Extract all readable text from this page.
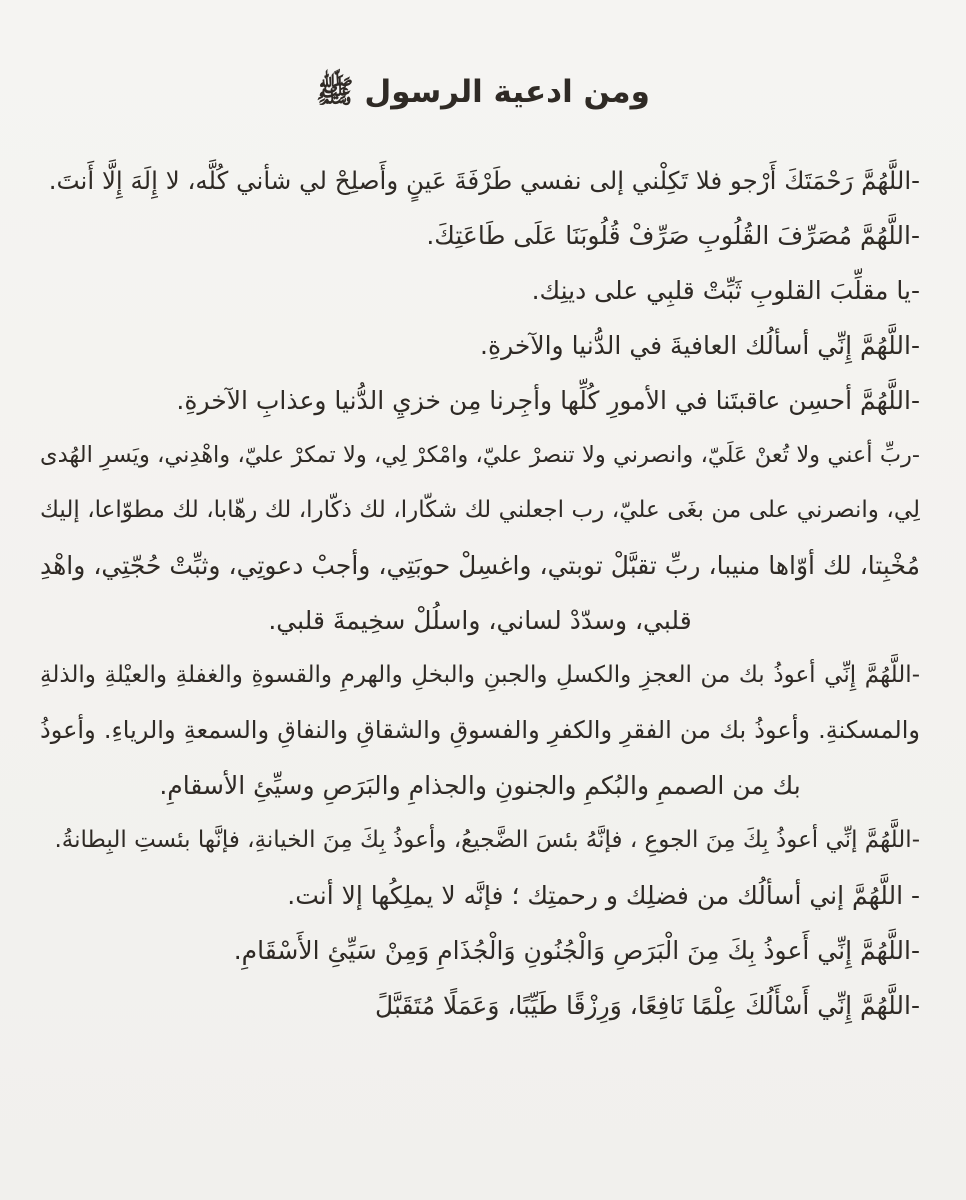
ومن ادعية الرسول ﷺ
-اللَّهُمَّ رَحْمَتَكَ أَرْجو فلا تَكِلْني إلى نفسي طَرْفَةَ عَينٍ وأَصلِحْ لي شأني كُلَّه، لا إِلَهَ إِلَّا أَنتَ.
-اللَّهُمَّ مُصَرِّفَ القُلُوبِ صَرِّفْ قُلُوبَنَا عَلَى طَاعَتِكَ.
-يا مقلِّبَ القلوبِ ثَبِّتْ قلبِي على دينِك.
-اللَّهُمَّ إِنِّي أسألُك العافيةَ في الدُّنيا والآخرةِ.
-اللَّهُمَّ أحسِن عاقبتَنا في الأمورِ كُلِّها وأجِرنا مِن خزيِ الدُّنيا وعذابِ الآخرةِ.
-ربِّ أعني ولا تُعنْ عَلَيّ، وانصرني ولا تنصرْ عليّ، وامْكرْ لِي، ولا تمكرْ عليّ، واهْدِني، ويَسرِ الهُدى
لِي، وانصرني على من بغَى عليّ، رب اجعلني لك شكّارا، لك ذكّارا، لك رهّابا، لك مطوّاعا، إليك
مُخْبِتا، لك أوّاها منيبا، ربِّ تقبَّلْ توبتي، واغسِلْ حوبَتِي، وأجبْ دعوتِي، وثبِّتْ حُجّتِي، واهْدِ
قلبي، وسدّدْ لساني، واسلُلْ سخِيمةَ قلبي.
-اللَّهُمَّ إِنِّي أعوذُ بك من العجزِ والكسلِ والجبنِ والبخلِ والهرمِ والقسوةِ والغفلةِ والعيْلةِ والذلةِ
والمسكنةِ. وأعوذُ بك من الفقرِ والكفرِ والفسوقِ والشقاقِ والنفاقِ والسمعةِ والرياءِ. وأعوذُ
بك من الصممِ والبُكمِ والجنونِ والجذامِ والبَرَصِ وسيِّئِ الأسقامِ.
-اللَّهُمَّ إنِّي أعوذُ بِكَ مِنَ الجوعِ ، فإنَّهُ بئسَ الضَّجيعُ، وأعوذُ بِكَ مِنَ الخيانةِ، فإنَّها بئستِ البِطانةُ.
- اللَّهُمَّ إني أسألُك من فضلِك و رحمتِك ؛ فإنَّه لا يملِكُها إلا أنت.
-اللَّهُمَّ إِنِّي أَعوذُ بِكَ مِنَ الْبَرَصِ وَالْجُنُونِ وَالْجُذَامِ وَمِنْ سَيِّئِ الأَسْقَامِ.
-اللَّهُمَّ إِنِّي أَسْأَلُكَ عِلْمًا نَافِعًا، وَرِزْقًا طَيِّبًا، وَعَمَلًا مُتَقَبَّلً
